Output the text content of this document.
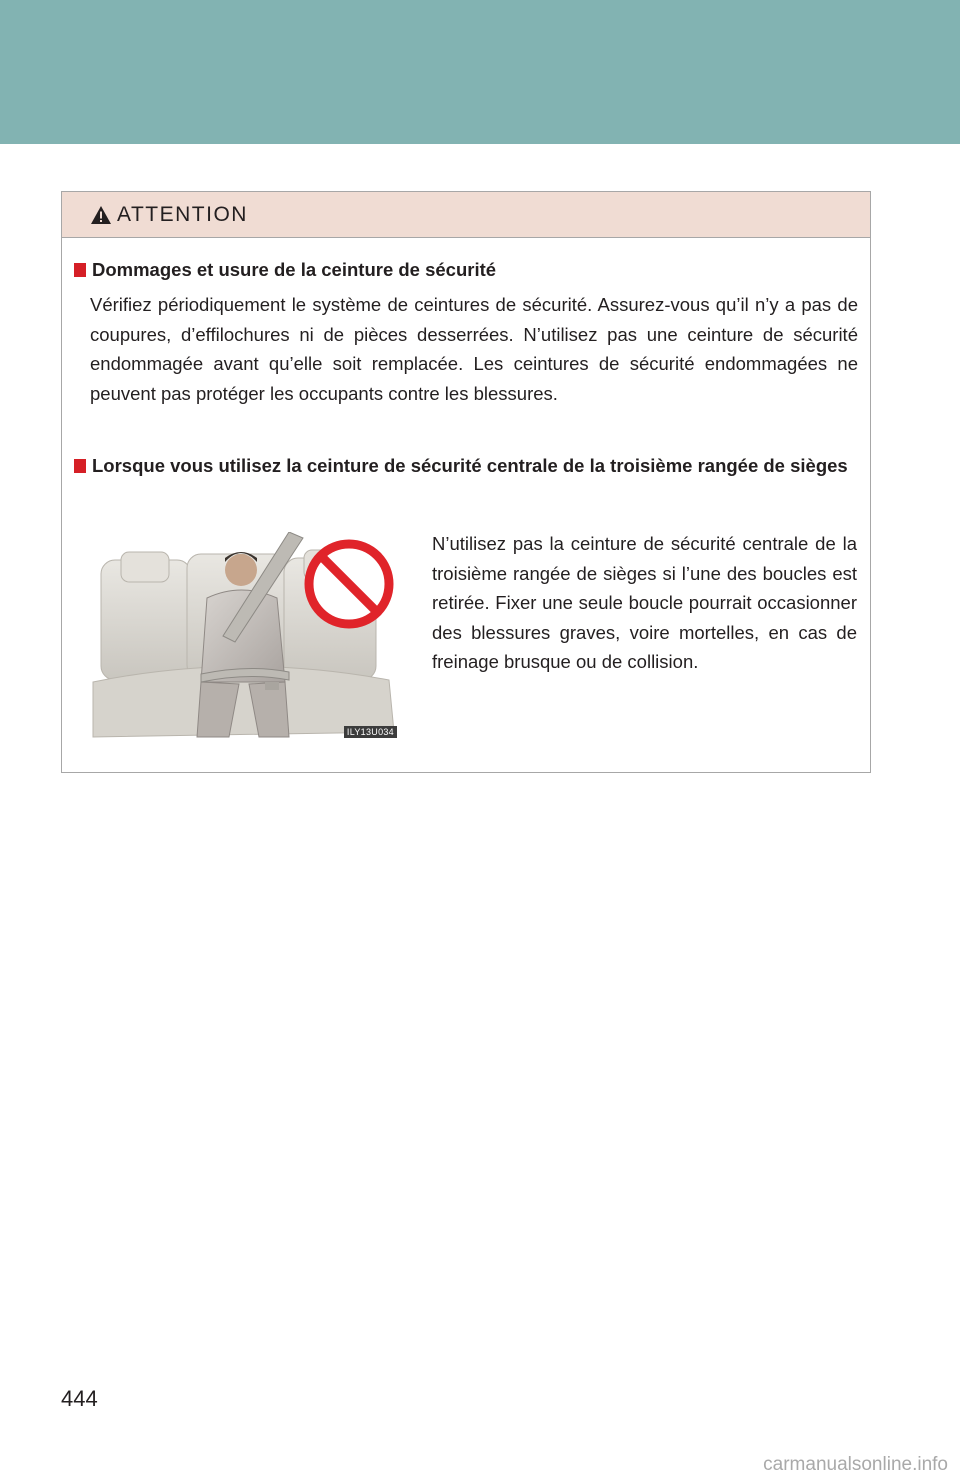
ATTENTION
Dommages et usure de la ceinture de sécurité
Vérifiez périodiquement le système de ceintures de sécurité. Assurez-vous qu’il n’y a pas de coupures, d’effilochures ni de pièces desserrées. N’utilisez pas une ceinture de sécurité endommagée avant qu’elle soit remplacée. Les ceintures de sécurité endommagées ne peuvent pas protéger les occupants contre les blessures.
Lorsque vous utilisez la ceinture de sécurité centrale de la troisième rangée de sièges
ILY13U034
N’utilisez pas la ceinture de sécurité centrale de la troisième rangée de sièges si l’une des boucles est retirée. Fixer une seule boucle pourrait occasionner des blessures graves, voire mortelles, en cas de freinage brusque ou de collision.
444
carmanualsonline.info
